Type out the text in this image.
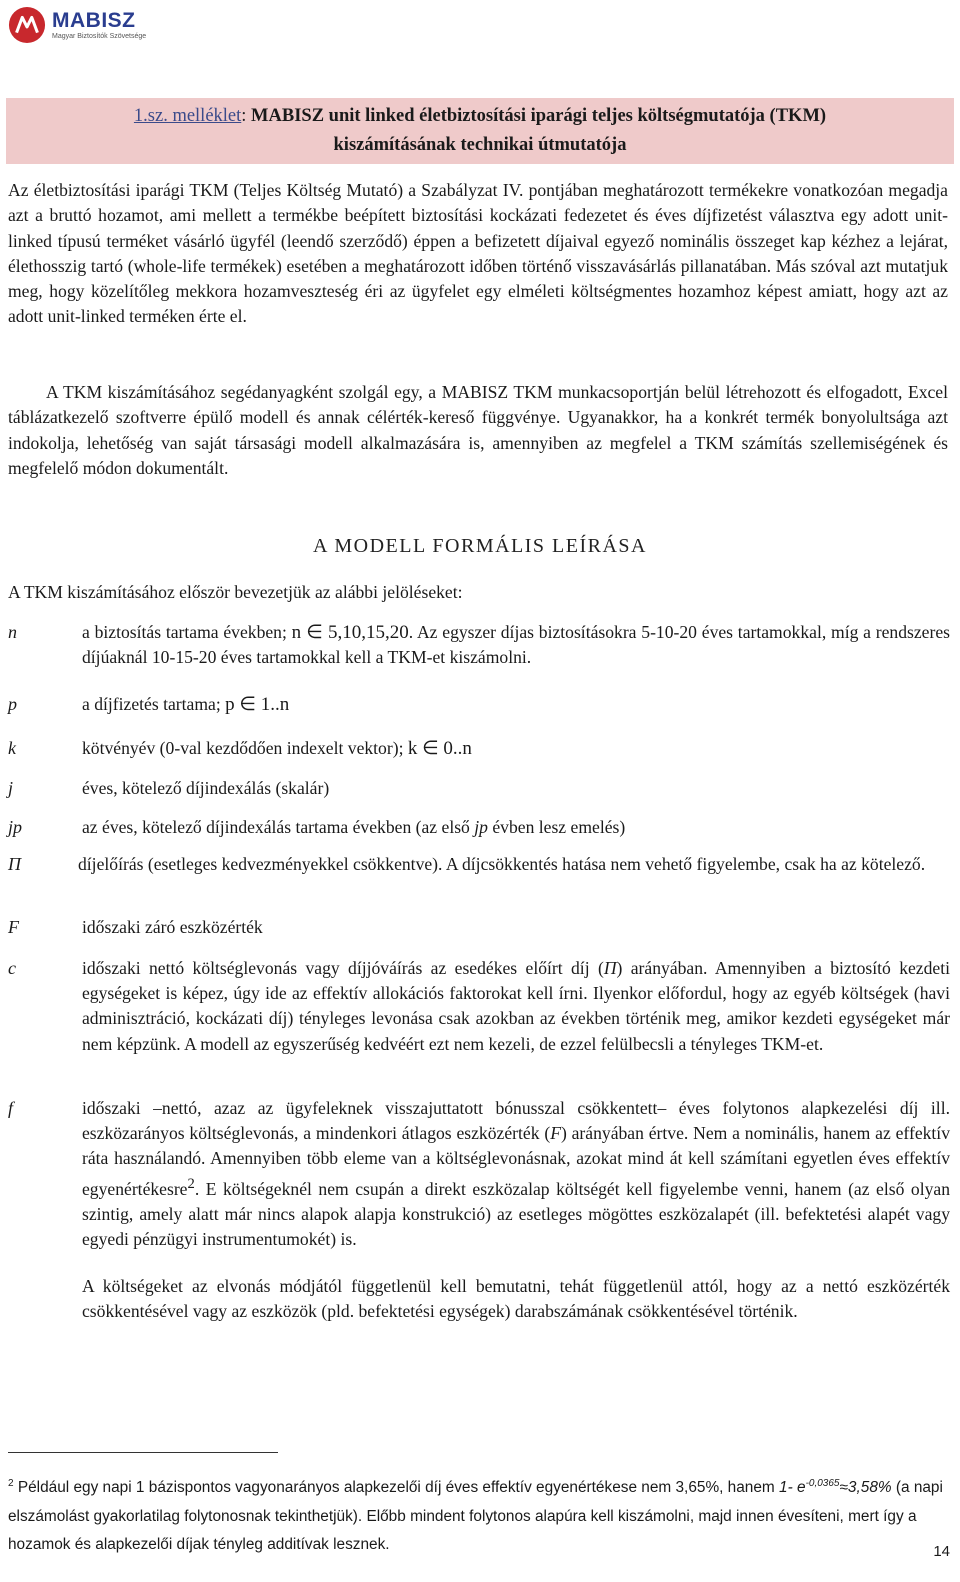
MABISZ
Magyar Biztosítók Szövetsége
1.sz. melléklet: MABISZ unit linked életbiztosítási iparági teljes költségmutatója (TKM)
kiszámításának technikai útmutatója

Az életbiztosítási iparági TKM (Teljes Költség Mutató) a Szabályzat IV. pontjában meghatározott termékekre vonatkozóan megadja azt a bruttó hozamot, ami mellett a termékbe beépített biztosítási kockázati fedezetet és éves díjfizetést választva egy adott unit-linked típusú terméket vásárló ügyfél (leendő szerződő) éppen a befizetett díjaival egyező nominális összeget kap kézhez a lejárat, élethosszig tartó (whole-life termékek) esetében a meghatározott időben történő visszavásárlás pillanatában. Más szóval azt mutatjuk meg, hogy közelítőleg mekkora hozamveszteség éri az ügyfelet egy elméleti költségmentes hozamhoz képest amiatt, hogy azt az adott unit-linked terméken érte el.

A TKM kiszámításához segédanyagként szolgál egy, a MABISZ TKM munkacsoportján belül létrehozott és elfogadott, Excel táblázatkezelő szoftverre épülő modell és annak célérték-kereső függvénye. Ugyanakkor, ha a konkrét termék bonyolultsága azt indokolja, lehetőség van saját társasági modell alkalmazására is, amennyiben az megfelel a TKM számítás szellemiségének és megfelelő módon dokumentált.

A MODELL FORMÁLIS LEÍRÁSA
A TKM kiszámításához először bevezetjük az alábbi jelöléseket:
n	a biztosítás tartama években; n ∈ 5,10,15,20. Az egyszer díjas biztosításokra 5-10-20 éves tartamokkal, míg a rendszeres díjúaknál 10-15-20 éves tartamokkal kell a TKM-et kiszámolni.

p	a díjfizetés tartama; p ∈ 1..n

k	kötvényév (0-val kezdődően indexelt vektor); k ∈ 0..n

j	éves, kötelező díjindexálás (skalár)

jp	az éves, kötelező díjindexálás tartama években (az első jp évben lesz emelés)

Π	díjelőírás (esetleges kedvezményekkel csökkentve). A díjcsökkentés hatása nem vehető figyelembe, csak ha az kötelező.

F	időszaki záró eszközérték

c	időszaki nettó költséglevonás vagy díjjóváírás az esedékes előírt díj (Π) arányában. Amennyiben a biztosító kezdeti egységeket is képez, úgy ide az effektív allokációs faktorokat kell írni. Ilyenkor előfordul, hogy az egyéb költségek (havi adminisztráció, kockázati díj) tényleges levonása csak azokban az években történik meg, amikor kezdeti egységeket már nem képzünk. A modell az egyszerűség kedvéért ezt nem kezeli, de ezzel felülbecsli a tényleges TKM-et.

f	időszaki –nettó, azaz az ügyfeleknek visszajuttatott bónusszal csökkentett– éves folytonos alapkezelési díj ill. eszközarányos költséglevonás, a mindenkori átlagos eszközérték (F) arányában értve. Nem a nominális, hanem az effektív ráta használandó. Amennyiben több eleme van a költséglevonásnak, azokat mind át kell számítani egyetlen éves effektív egyenértékesre$^2$. E költségeknél nem csupán a direkt eszközalap költségét kell figyelembe venni, hanem (az első olyan szintig, amely alatt már nincs alapok alapja konstrukció) az esetleges mögöttes eszközalapét (ill. befektetési alapét vagy egyedi pénzügyi instrumentumokét) is.

A költségeket az elvonás módjától függetlenül kell bemutatni, tehát függetlenül attól, hogy az a nettó eszközérték csökkentésével vagy az eszközök (pld. befektetési egységek) darabszámának csökkentésével történik.

$^2$ Például egy napi 1 bázispontos vagyonarányos alapkezelői díj éves effektív egyenértékese nem 3,65%, hanem 1- $e^{-0,0365}\approx 3,58\%$ (a napi elszámolást gyakorlatilag folytonosnak tekinthetjük). Előbb mindent folytonos alapúra kell kiszámolni, majd innen évesíteni, mert így a hozamok és alapkezelői díjak tényleg additívak lesznek.	14
